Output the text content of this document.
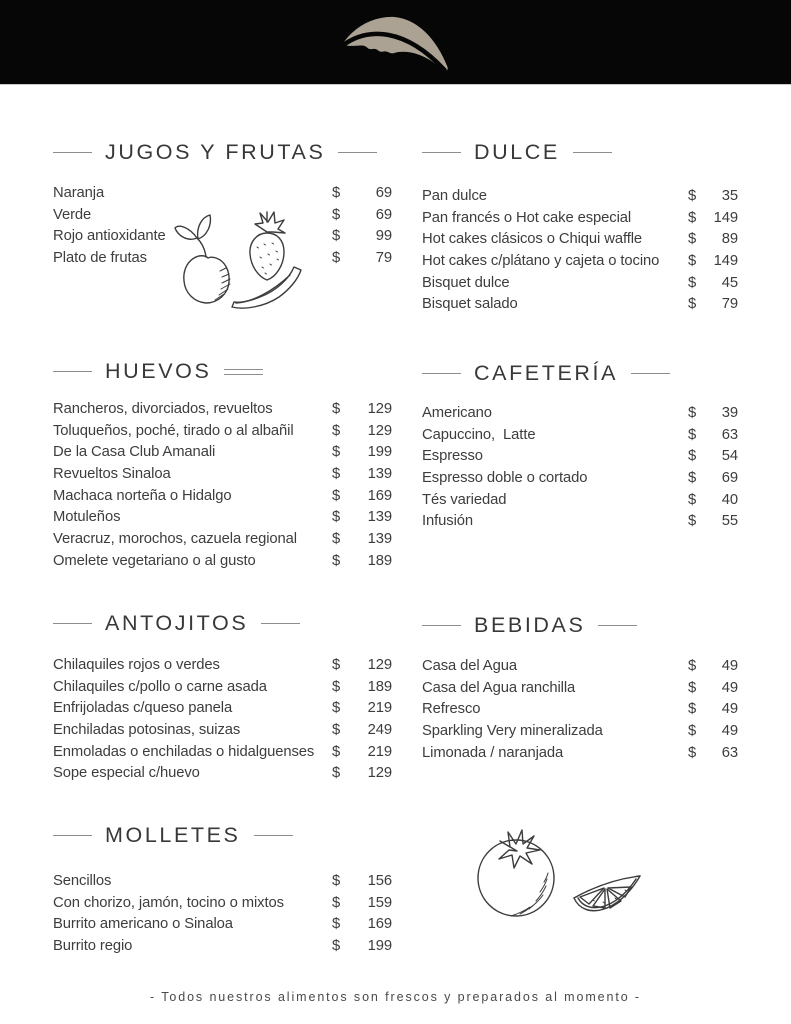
JUGOS Y FRUTAS
Naranja	$	69
Verde	$	69
Rojo antioxidante	$	99
Plato de frutas	$	79
DULCE
Pan dulce	$	35
Pan francés o Hot cake especial	$	149
Hot cakes clásicos o Chiqui waffle	$	89
Hot cakes c/plátano y cajeta o tocino	$	149
Bisquet dulce	$	45
Bisquet salado	$	79
HUEVOS
Rancheros, divorciados, revueltos	$	129
Toluqueños, poché, tirado o al albañil	$	129
De la Casa Club Amanali	$	199
Revueltos Sinaloa	$	139
Machaca norteña o Hidalgo	$	169
Motuleños	$	139
Veracruz, morochos, cazuela regional	$	139
Omelete vegetariano o al gusto	$	189
CAFETERÍA
Americano	$	39
Capuccino,  Latte	$	63
Espresso	$	54
Espresso doble o cortado	$	69
Tés variedad	$	40
Infusión	$	55
ANTOJITOS
Chilaquiles rojos o verdes	$	129
Chilaquiles c/pollo o carne asada	$	189
Enfrijoladas c/queso panela	$	219
Enchiladas potosinas, suizas	$	249
Enmoladas o enchiladas o hidalguenses	$	219
Sope especial c/huevo	$	129
BEBIDAS
Casa del Agua	$	49
Casa del Agua ranchilla	$	49
Refresco	$	49
Sparkling Very mineralizada	$	49
Limonada / naranjada	$	63
MOLLETES
Sencillos	$	156
Con chorizo, jamón, tocino o mixtos	$	159
Burrito americano o Sinaloa	$	169
Burrito regio	$	199
- Todos nuestros alimentos son frescos y preparados al momento -
